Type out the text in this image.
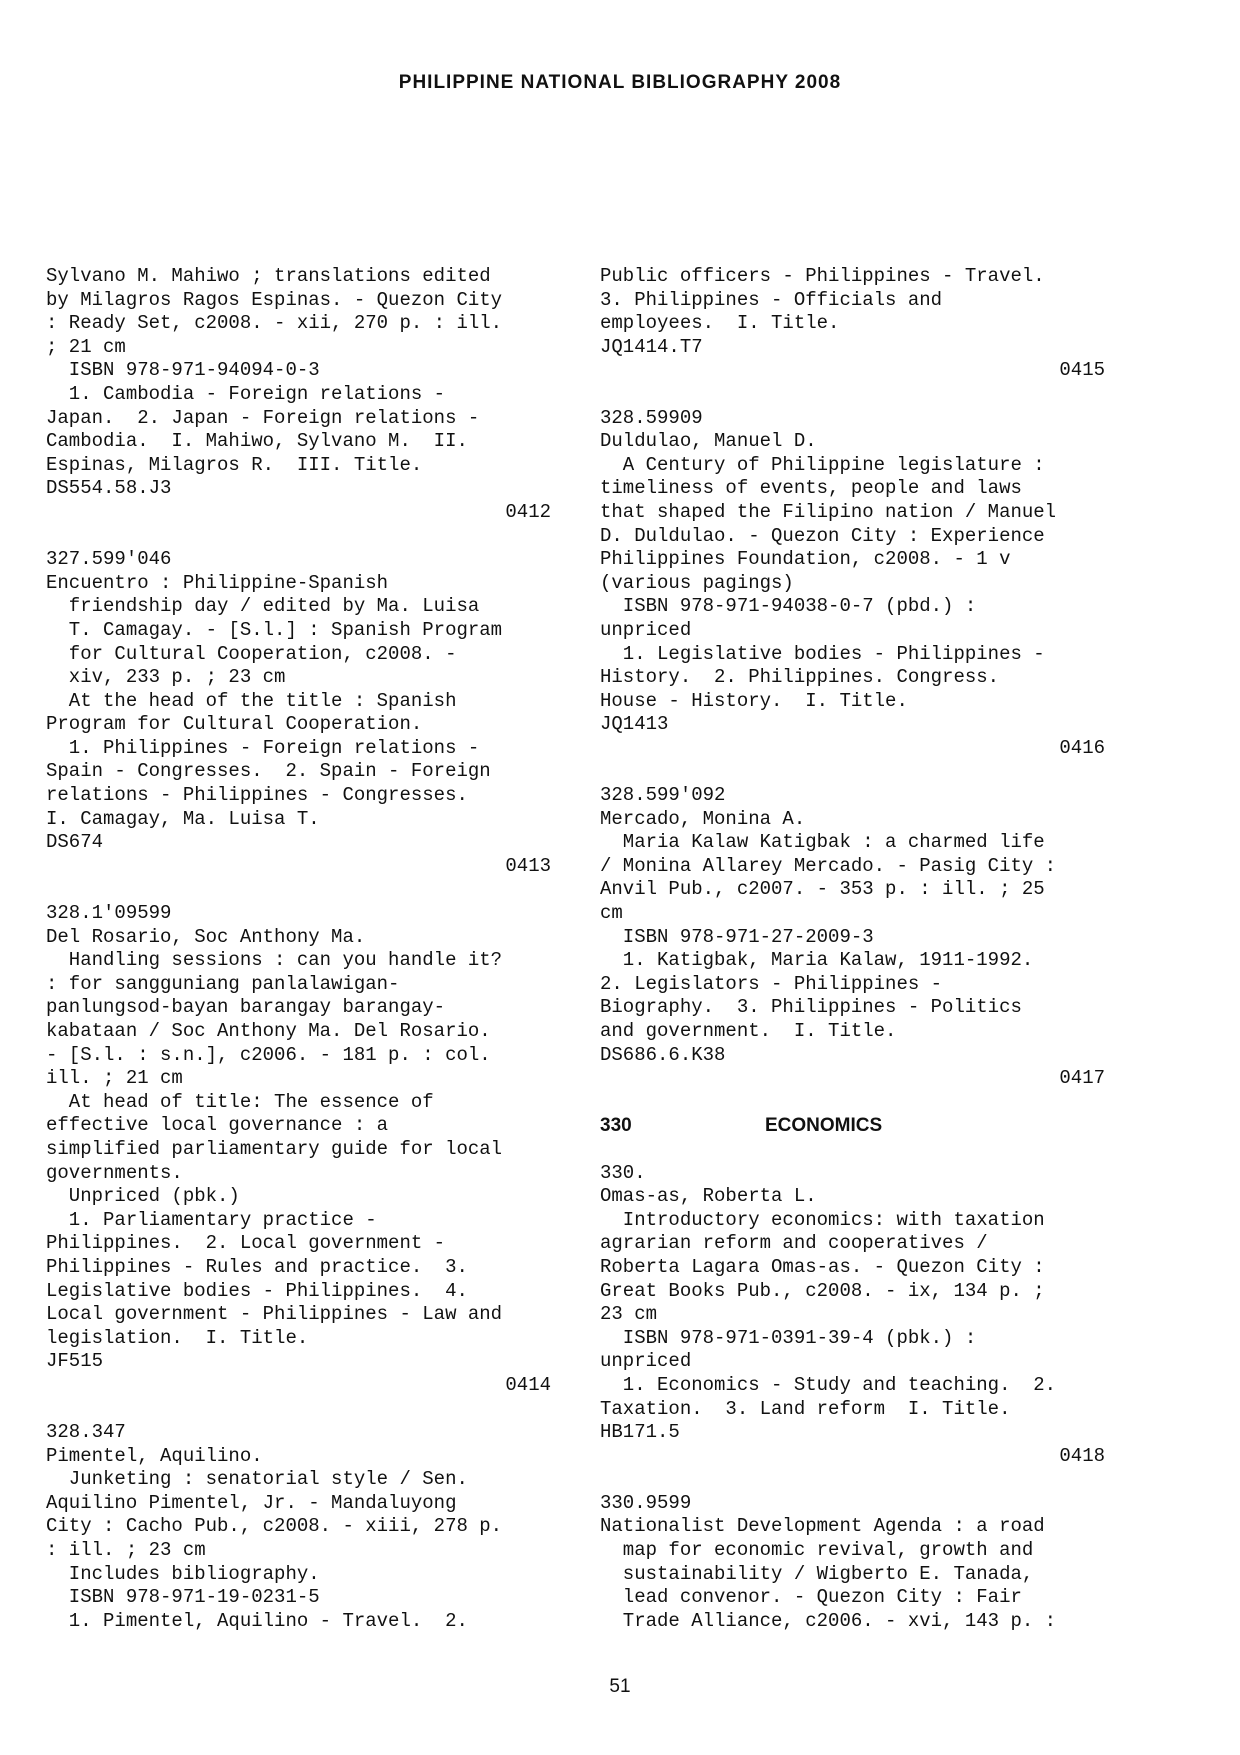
PHILIPPINE NATIONAL BIBLIOGRAPHY 2008
Sylvano M. Mahiwo ; translations edited
by Milagros Ragos Espinas. - Quezon City
: Ready Set, c2008. - xii, 270 p. : ill.
; 21 cm
ISBN 978-971-94094-0-3
1. Cambodia - Foreign relations -
Japan.  2. Japan - Foreign relations -
Cambodia.  I. Mahiwo, Sylvano M.  II.
Espinas, Milagros R.  III. Title.
DS554.58.J3
0412
327.599'046
Encuentro : Philippine-Spanish
friendship day / edited by Ma. Luisa
T. Camagay. - [S.l.] : Spanish Program
for Cultural Cooperation, c2008. -
xiv, 233 p. ; 23 cm
At the head of the title : Spanish
Program for Cultural Cooperation.
1. Philippines - Foreign relations -
Spain - Congresses.  2. Spain - Foreign
relations - Philippines - Congresses.
I. Camagay, Ma. Luisa T.
DS674
0413
328.1'09599
Del Rosario, Soc Anthony Ma.
Handling sessions : can you handle it?
: for sangguniang panlalawigan-
panlungsod-bayan barangay barangay-
kabataan / Soc Anthony Ma. Del Rosario.
- [S.l. : s.n.], c2006. - 181 p. : col.
ill. ; 21 cm
At head of title: The essence of
effective local governance : a
simplified parliamentary guide for local
governments.
Unpriced (pbk.)
1. Parliamentary practice -
Philippines.  2. Local government -
Philippines - Rules and practice.  3.
Legislative bodies - Philippines.  4.
Local government - Philippines - Law and
legislation.  I. Title.
JF515
0414
328.347
Pimentel, Aquilino.
Junketing : senatorial style / Sen.
Aquilino Pimentel, Jr. - Mandaluyong
City : Cacho Pub., c2008. - xiii, 278 p.
: ill. ; 23 cm
Includes bibliography.
ISBN 978-971-19-0231-5
1. Pimentel, Aquilino - Travel.  2.
Public officers - Philippines - Travel.
3. Philippines - Officials and
employees.  I. Title.
JQ1414.T7
0415
328.59909
Duldulao, Manuel D.
A Century of Philippine legislature :
timeliness of events, people and laws
that shaped the Filipino nation / Manuel
D. Duldulao. - Quezon City : Experience
Philippines Foundation, c2008. - 1 v
(various pagings)
ISBN 978-971-94038-0-7 (pbd.) :
unpriced
1. Legislative bodies - Philippines -
History.  2. Philippines. Congress.
House - History.  I. Title.
JQ1413
0416
328.599'092
Mercado, Monina A.
Maria Kalaw Katigbak : a charmed life
/ Monina Allarey Mercado. - Pasig City :
Anvil Pub., c2007. - 353 p. : ill. ; 25
cm
ISBN 978-971-27-2009-3
1. Katigbak, Maria Kalaw, 1911-1992.
2. Legislators - Philippines -
Biography.  3. Philippines - Politics
and government.  I. Title.
DS686.6.K38
0417
330	ECONOMICS
330.
Omas-as, Roberta L.
Introductory economics: with taxation
agrarian reform and cooperatives /
Roberta Lagara Omas-as. - Quezon City :
Great Books Pub., c2008. - ix, 134 p. ;
23 cm
ISBN 978-971-0391-39-4 (pbk.) :
unpriced
1. Economics - Study and teaching.  2.
Taxation.  3. Land reform  I. Title.
HB171.5
0418
330.9599
Nationalist Development Agenda : a road
map for economic revival, growth and
sustainability / Wigberto E. Tanada,
lead convenor. - Quezon City : Fair
Trade Alliance, c2006. - xvi, 143 p. :
51
